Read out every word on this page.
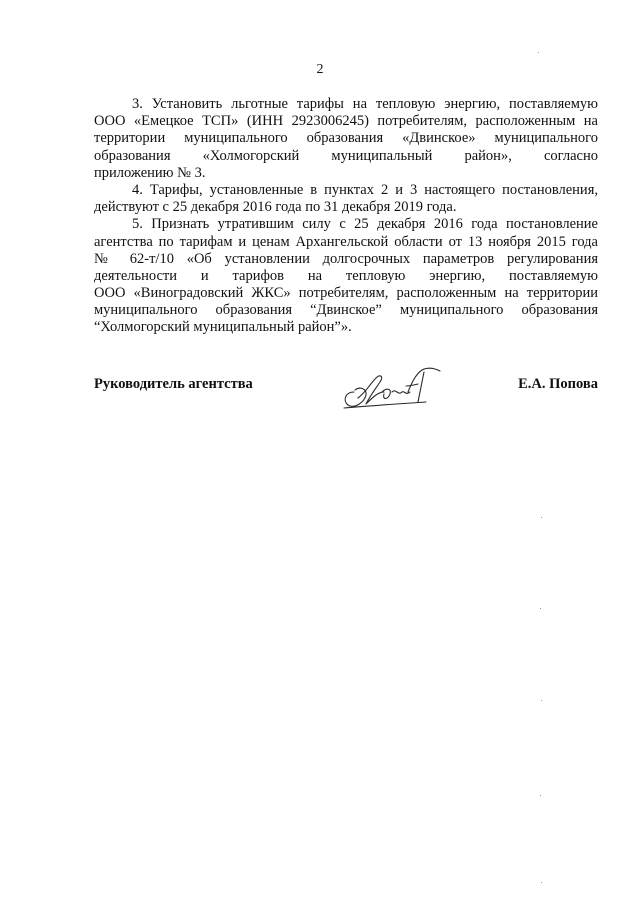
2

3. Установить льготные тарифы на тепловую энергию, поставляемую
ООО «Емецкое ТСП» (ИНН 2923006245) потребителям, расположенным на
территории муниципального образования «Двинское» муниципального
образования «Холмогорский муниципальный район», согласно
приложению № 3.

4. Тарифы, установленные в пунктах 2 и 3 настоящего постановления,
действуют с 25 декабря 2016 года по 31 декабря 2019 года.

5. Признать утратившим силу с 25 декабря 2016 года постановление
агентства по тарифам и ценам Архангельской области от 13 ноября 2015 года
№ 62-т/10 «Об установлении долгосрочных параметров регулирования
деятельности и тарифов на тепловую энергию, поставляемую
ООО «Виноградовский ЖКС» потребителям, расположенным на территории
муниципального образования “Двинское” муниципального образования
“Холмогорский муниципальный район”».

Руководитель агентства	Е.А. Попова
